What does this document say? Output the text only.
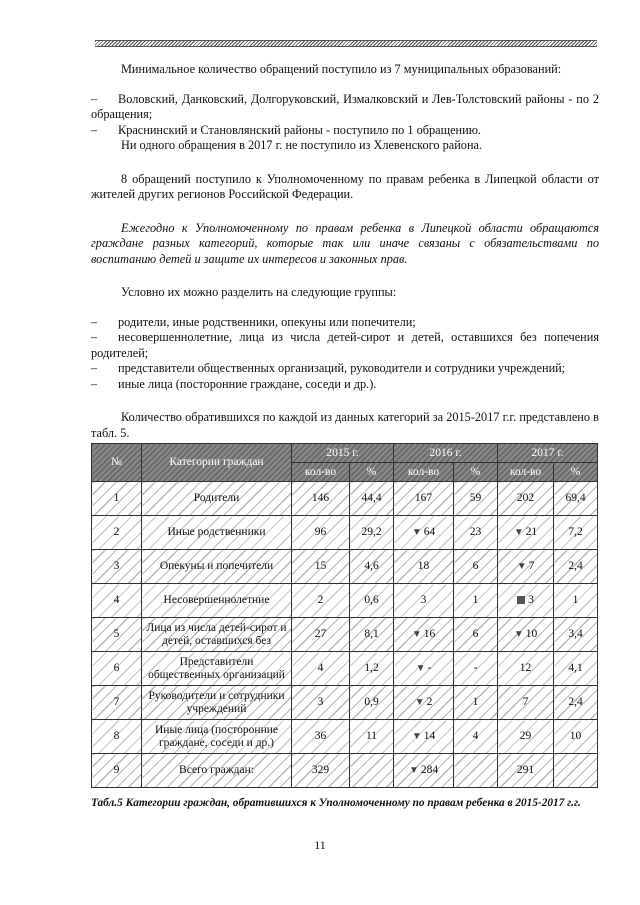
Минимальное количество обращений поступило из 7 муниципальных образований:

– Воловский, Данковский, Долгоруковский, Измалковский и Лев-Толстовский районы - по 2 обращения;

– Краснинский и Становлянский районы - поступило по 1 обращению.

Ни одного обращения в 2017 г. не поступило из Хлевенского района.

8 обращений поступило к Уполномоченному по правам ребенка в Липецкой области от жителей других регионов Российской Федерации.

Ежегодно к Уполномоченному по правам ребенка в Липецкой области обращаются граждане разных категорий, которые так или иначе связаны с обязательствами по воспитанию детей и защите их интересов и законных прав.

Условно их можно разделить на следующие группы:

– родители, иные родственники, опекуны или попечители;

– несовершеннолетние, лица из числа детей-сирот и детей, оставшихся без попечения родителей;

– представители общественных организаций, руководители и сотрудники учреждений;

– иные лица (посторонние граждане, соседи и др.).

Количество обратившихся по каждой из данных категорий за 2015-2017 г.г. представлено в табл. 5.

№	Категории граждан	2015 г.		2016 г.		2017 г.	
		кол-во	%	кол-во	%	кол-во	%
1	Родители	146	44,4	167	59	202	69,4
2	Иные родственники	96	29,2	▼ 64	23	▼ 21	7,2
3	Опекуны и попечители	15	4,6	18	6	▼ 7	2,4
4	Несовершеннолетние	2	0,6	3	1	3	1
5	Лица из числа детей-сирот и детей, оставшихся без	27	8,1	▼ 16	6	▼ 10	3,4
6	Представители общественных организаций	4	1,2	▼ -	-	12	4,1
7	Руководители и сотрудники учреждений	3	0,9	▼ 2	1	7	2,4
8	Иные лица (посторонние граждане, соседи и др.)	36	11	▼ 14	4	29	10
9	Всего граждан:	329		▼ 284		291	
Табл.5 Категории граждан, обратившихся к Уполномоченному по правам ребенка в 2015-2017 г.г.
11
